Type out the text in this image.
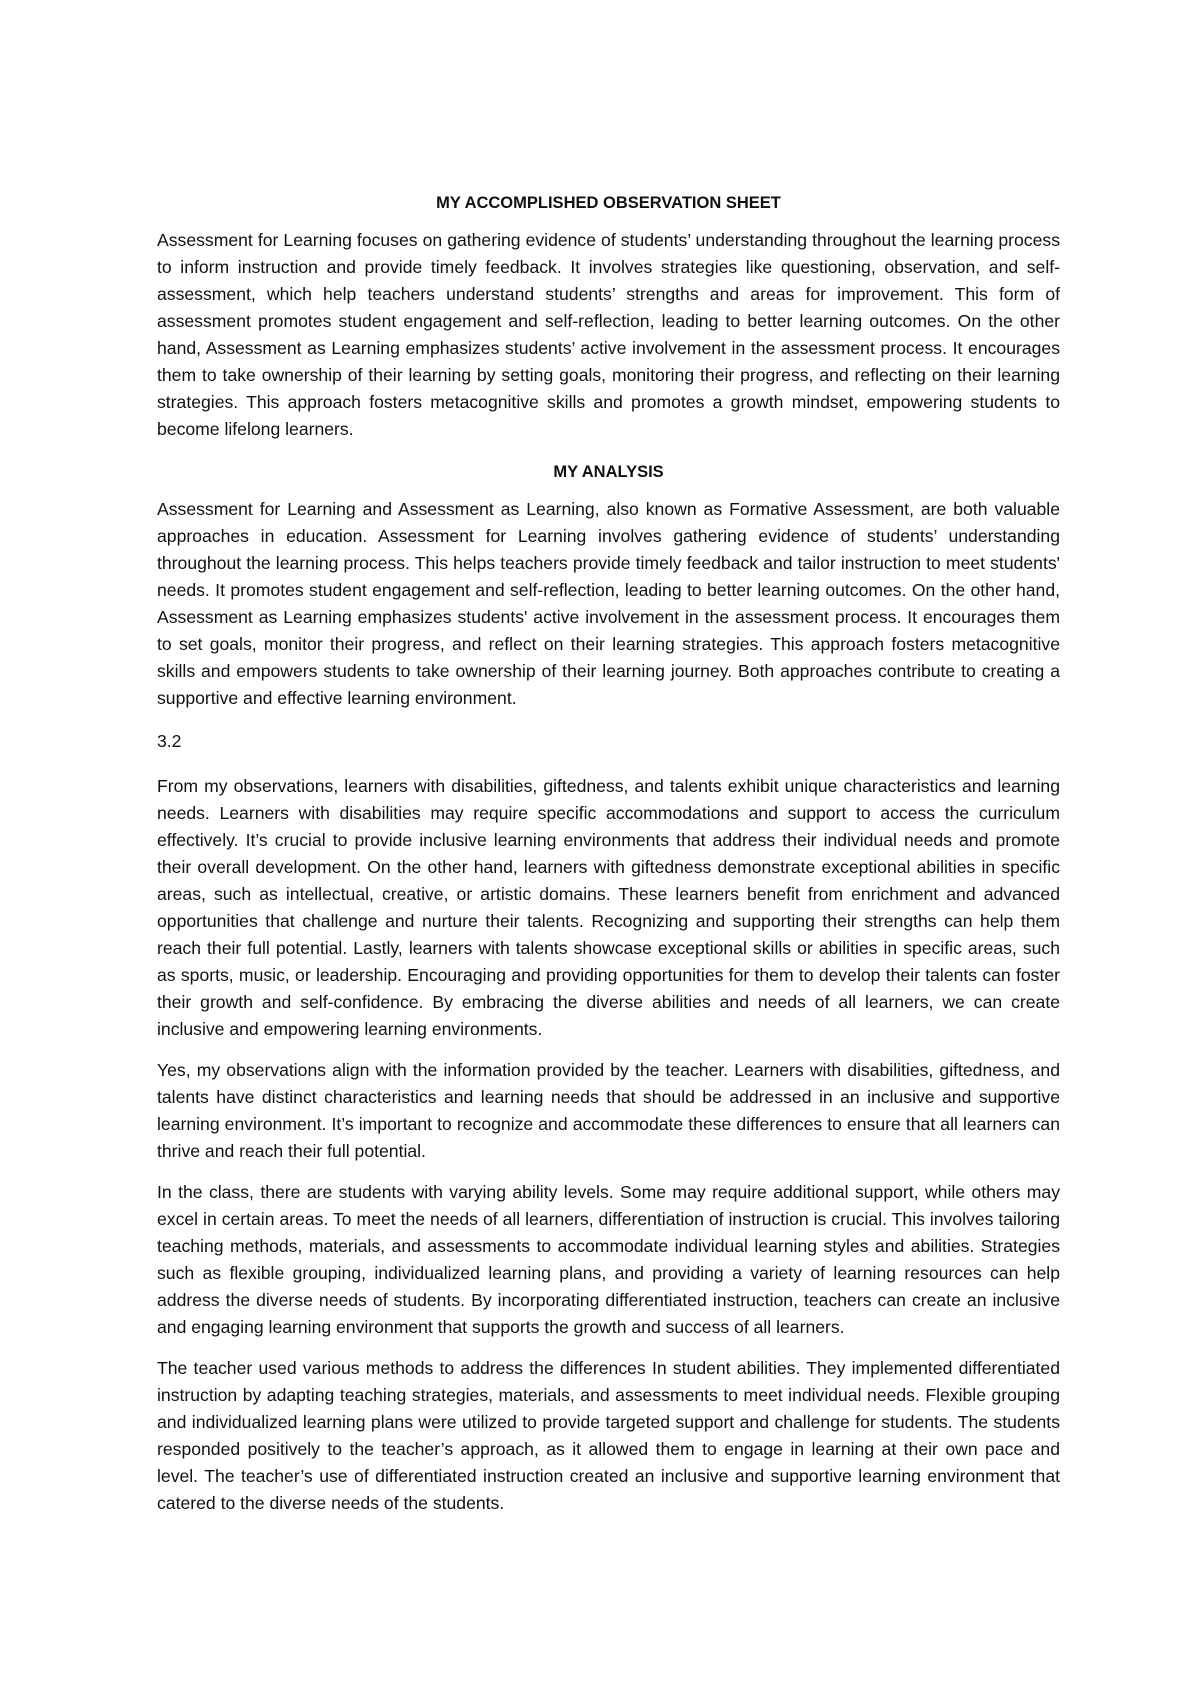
MY ACCOMPLISHED OBSERVATION SHEET

Assessment for Learning focuses on gathering evidence of students’ understanding throughout the learning process to inform instruction and provide timely feedback. It involves strategies like questioning, observation, and self-assessment, which help teachers understand students’ strengths and areas for improvement. This form of assessment promotes student engagement and self-reflection, leading to better learning outcomes. On the other hand, Assessment as Learning emphasizes students’ active involvement in the assessment process. It encourages them to take ownership of their learning by setting goals, monitoring their progress, and reflecting on their learning strategies. This approach fosters metacognitive skills and promotes a growth mindset, empowering students to become lifelong learners.

MY ANALYSIS

Assessment for Learning and Assessment as Learning, also known as Formative Assessment, are both valuable approaches in education. Assessment for Learning involves gathering evidence of students’ understanding throughout the learning process. This helps teachers provide timely feedback and tailor instruction to meet students' needs. It promotes student engagement and self-reflection, leading to better learning outcomes. On the other hand, Assessment as Learning emphasizes students' active involvement in the assessment process. It encourages them to set goals, monitor their progress, and reflect on their learning strategies. This approach fosters metacognitive skills and empowers students to take ownership of their learning journey. Both approaches contribute to creating a supportive and effective learning environment.

3.2

From my observations, learners with disabilities, giftedness, and talents exhibit unique characteristics and learning needs. Learners with disabilities may require specific accommodations and support to access the curriculum effectively. It’s crucial to provide inclusive learning environments that address their individual needs and promote their overall development. On the other hand, learners with giftedness demonstrate exceptional abilities in specific areas, such as intellectual, creative, or artistic domains. These learners benefit from enrichment and advanced opportunities that challenge and nurture their talents. Recognizing and supporting their strengths can help them reach their full potential. Lastly, learners with talents showcase exceptional skills or abilities in specific areas, such as sports, music, or leadership. Encouraging and providing opportunities for them to develop their talents can foster their growth and self-confidence. By embracing the diverse abilities and needs of all learners, we can create inclusive and empowering learning environments.

Yes, my observations align with the information provided by the teacher. Learners with disabilities, giftedness, and talents have distinct characteristics and learning needs that should be addressed in an inclusive and supportive learning environment. It’s important to recognize and accommodate these differences to ensure that all learners can thrive and reach their full potential.

In the class, there are students with varying ability levels. Some may require additional support, while others may excel in certain areas. To meet the needs of all learners, differentiation of instruction is crucial. This involves tailoring teaching methods, materials, and assessments to accommodate individual learning styles and abilities. Strategies such as flexible grouping, individualized learning plans, and providing a variety of learning resources can help address the diverse needs of students. By incorporating differentiated instruction, teachers can create an inclusive and engaging learning environment that supports the growth and success of all learners.

The teacher used various methods to address the differences In student abilities. They implemented differentiated instruction by adapting teaching strategies, materials, and assessments to meet individual needs. Flexible grouping and individualized learning plans were utilized to provide targeted support and challenge for students. The students responded positively to the teacher’s approach, as it allowed them to engage in learning at their own pace and level. The teacher’s use of differentiated instruction created an inclusive and supportive learning environment that catered to the diverse needs of the students.
